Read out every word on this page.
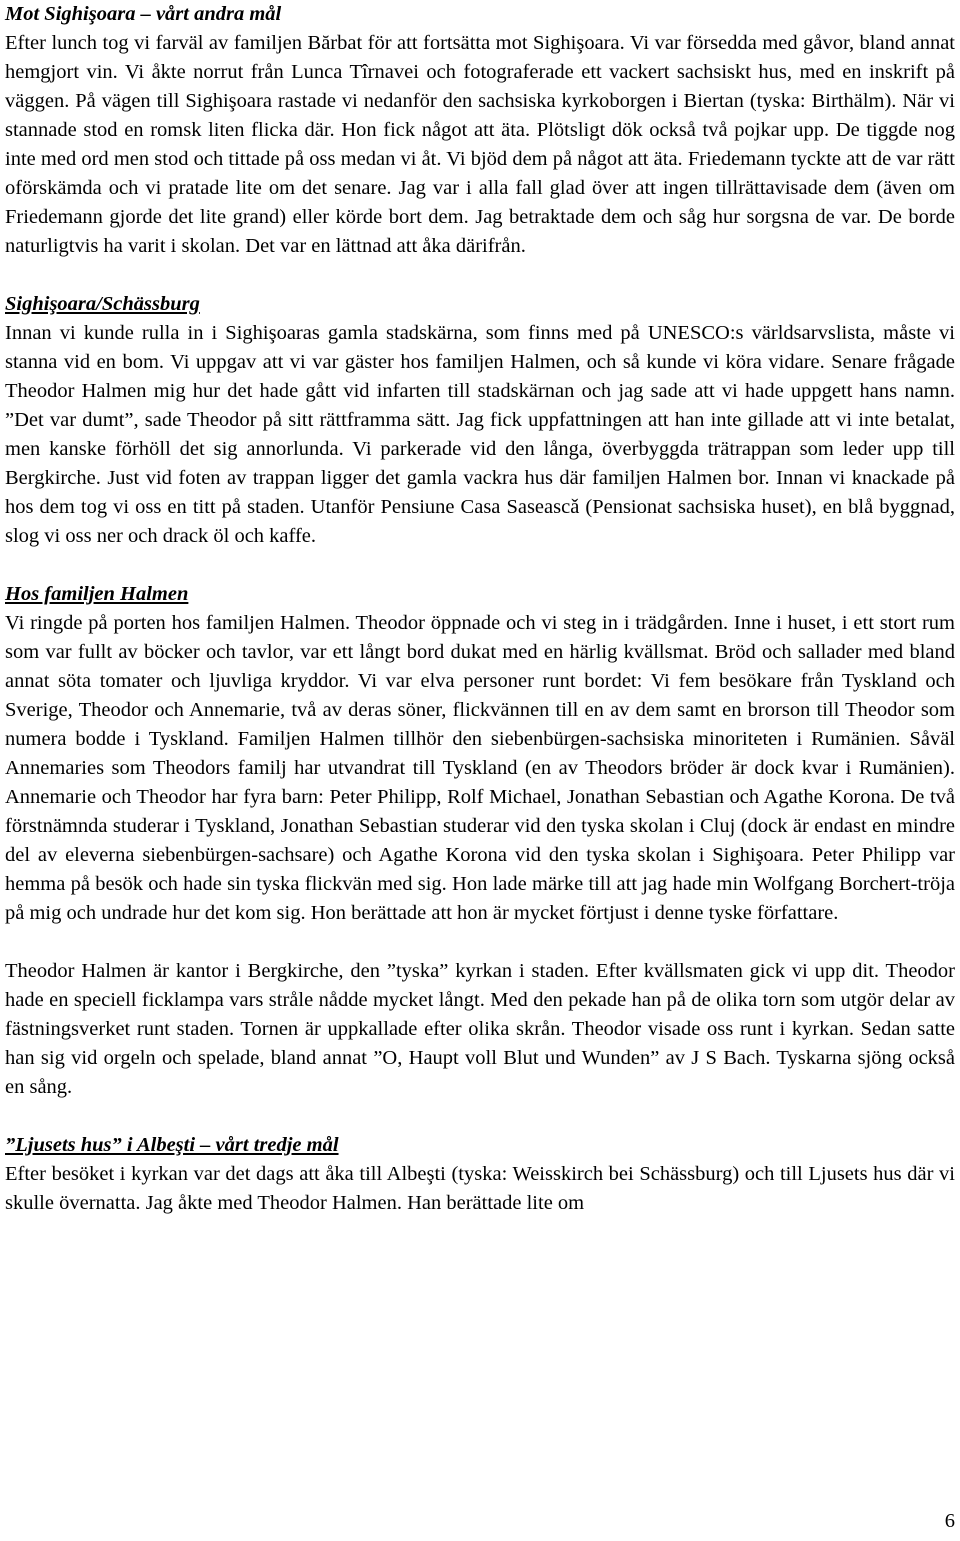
Mot Sighişoara – vårt andra mål

Efter lunch tog vi farväl av familjen Bărbat för att fortsätta mot Sighişoara. Vi var försedda med gåvor, bland annat hemgjort vin. Vi åkte norrut från Lunca Tîrnavei och fotograferade ett vackert sachsiskt hus, med en inskrift på väggen. På vägen till Sighişoara rastade vi nedanför den sachsiska kyrkoborgen i Biertan (tyska: Birthälm). När vi stannade stod en romsk liten flicka där. Hon fick något att äta. Plötsligt dök också två pojkar upp. De tiggde nog inte med ord men stod och tittade på oss medan vi åt. Vi bjöd dem på något att äta. Friedemann tyckte att de var rätt oförskämda och vi pratade lite om det senare. Jag var i alla fall glad över att ingen tillrättavisade dem (även om Friedemann gjorde det lite grand) eller körde bort dem. Jag betraktade dem och såg hur sorgsna de var. De borde naturligtvis ha varit i skolan. Det var en lättnad att åka därifrån.

Sighişoara/Schässburg

Innan vi kunde rulla in i Sighişoaras gamla stadskärna, som finns med på UNESCO:s världsarvslista, måste vi stanna vid en bom. Vi uppgav att vi var gäster hos familjen Halmen, och så kunde vi köra vidare. Senare frågade Theodor Halmen mig hur det hade gått vid infarten till stadskärnan och jag sade att vi hade uppgett hans namn. ”Det var dumt”, sade Theodor på sitt rättframma sätt. Jag fick uppfattningen att han inte gillade att vi inte betalat, men kanske förhöll det sig annorlunda. Vi parkerade vid den långa, överbyggda trätrappan som leder upp till Bergkirche. Just vid foten av trappan ligger det gamla vackra hus där familjen Halmen bor. Innan vi knackade på hos dem tog vi oss en titt på staden. Utanför Pensiune Casa Saseascǎ (Pensionat sachsiska huset), en blå byggnad, slog vi oss ner och drack öl och kaffe.

Hos familjen Halmen

Vi ringde på porten hos familjen Halmen. Theodor öppnade och vi steg in i trädgården. Inne i huset, i ett stort rum som var fullt av böcker och tavlor, var ett långt bord dukat med en härlig kvällsmat. Bröd och sallader med bland annat söta tomater och ljuvliga kryddor. Vi var elva personer runt bordet: Vi fem besökare från Tyskland och Sverige, Theodor och Annemarie, två av deras söner, flickvännen till en av dem samt en brorson till Theodor som numera bodde i Tyskland. Familjen Halmen tillhör den siebenbürgen-sachsiska minoriteten i Rumänien. Såväl Annemaries som Theodors familj har utvandrat till Tyskland (en av Theodors bröder är dock kvar i Rumänien). Annemarie och Theodor har fyra barn: Peter Philipp, Rolf Michael, Jonathan Sebastian och Agathe Korona. De två förstnämnda studerar i Tyskland, Jonathan Sebastian studerar vid den tyska skolan i Cluj (dock är endast en mindre del av eleverna siebenbürgen-sachsare) och Agathe Korona vid den tyska skolan i Sighişoara. Peter Philipp var hemma på besök och hade sin tyska flickvän med sig. Hon lade märke till att jag hade min Wolfgang Borchert-tröja på mig och undrade hur det kom sig. Hon berättade att hon är mycket förtjust i denne tyske författare.

Theodor Halmen är kantor i Bergkirche, den ”tyska” kyrkan i staden. Efter kvällsmaten gick vi upp dit. Theodor hade en speciell ficklampa vars stråle nådde mycket långt. Med den pekade han på de olika torn som utgör delar av fästningsverket runt staden. Tornen är uppkallade efter olika skrån. Theodor visade oss runt i kyrkan. Sedan satte han sig vid orgeln och spelade, bland annat ”O, Haupt voll Blut und Wunden” av J S Bach. Tyskarna sjöng också en sång.

”Ljusets hus” i Albeşti – vårt tredje mål

Efter besöket i kyrkan var det dags att åka till Albeşti (tyska: Weisskirch bei Schässburg) och till Ljusets hus där vi skulle övernatta. Jag åkte med Theodor Halmen. Han berättade lite om

6
